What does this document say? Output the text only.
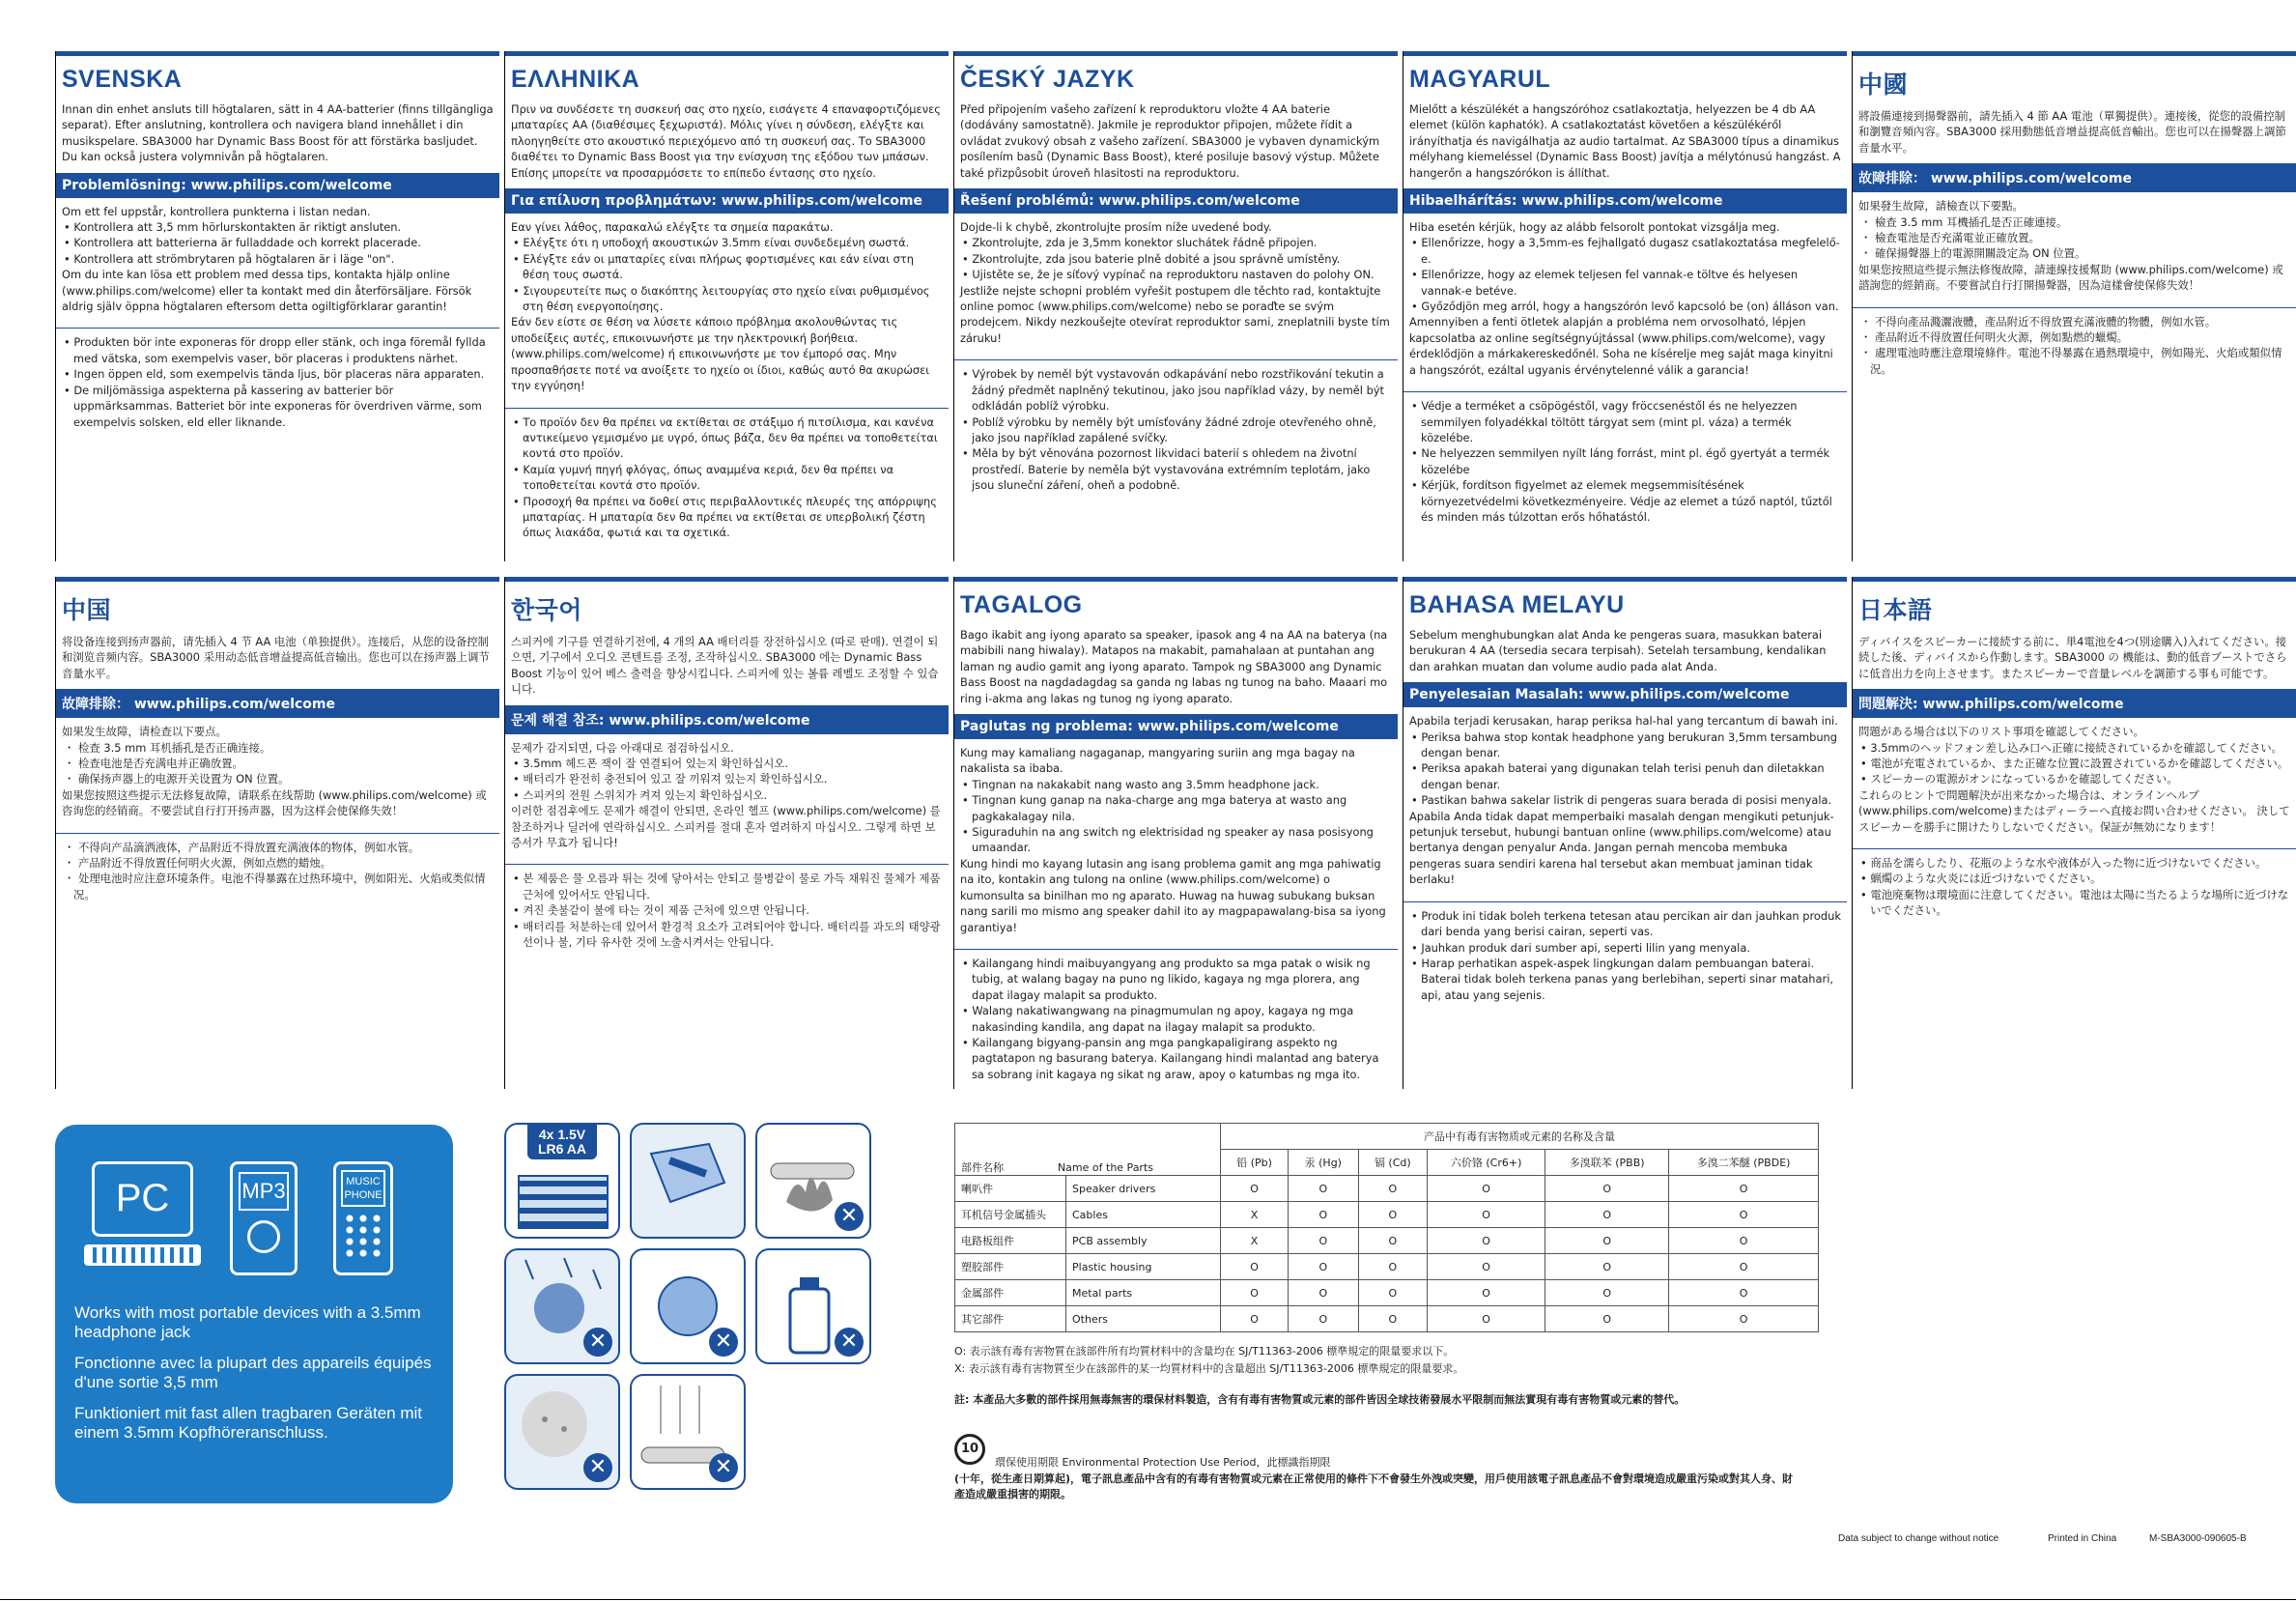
SVENSKA
Innan din enhet ansluts till högtalaren, sätt in 4 AA-batterier (finns tillgängliga separat). Efter anslutning, kontrollera och navigera bland innehållet i din musikspelare. SBA3000 har Dynamic Bass Boost för att förstärka basljudet. Du kan också justera volymnivån på högtalaren.
Problemlösning: www.philips.com/welcome
Om ett fel uppstår, kontrollera punkterna i listan nedan.
• Kontrollera att 3,5 mm hörlurskontakten är riktigt ansluten.
• Kontrollera att batterierna är fulladdade och korrekt placerade.
• Kontrollera att strömbrytaren på högtalaren är i läge "on".
Om du inte kan lösa ett problem med dessa tips, kontakta hjälp online (www.philips.com/welcome) eller ta kontakt med din återförsäljare. Försök aldrig själv öppna högtalaren eftersom detta ogiltigförklarar garantin!
• Produkten bör inte exponeras för dropp eller stänk, och inga föremål fyllda med vätska, som exempelvis vaser, bör placeras i produktens närhet.
• Ingen öppen eld, som exempelvis tända ljus, bör placeras nära apparaten.
• De miljömässiga aspekterna på kassering av batterier bör uppmärksammas. Batteriet bör inte exponeras för överdriven värme, som exempelvis solsken, eld eller liknande.
ΕΛΛΗΝΙΚΑ
Πριν να συνδέσετε τη συσκευή σας στο ηχείο, εισάγετε 4 επαναφορτιζόμενες μπαταρίες AA (διαθέσιμες ξεχωριστά). Μόλις γίνει η σύνδεση, ελέγξτε και πλοηγηθείτε στο ακουστικό περιεχόμενο από τη συσκευή σας. Το SBA3000 διαθέτει το Dynamic Bass Boost για την ενίσχυση της εξόδου των μπάσων. Επίσης μπορείτε να προσαρμόσετε το επίπεδο έντασης στο ηχείο.
Για επίλυση προβλημάτων: www.philips.com/welcome
Εαν γίνει λάθος, παρακαλώ ελέγξτε τα σημεία παρακάτω.
• Ελέγξτε ότι η υποδοχή ακουστικών 3.5mm είναι συνδεδεμένη σωστά.
• Ελέγξτε εάν οι μπαταρίες είναι πλήρως φορτισμένες και εάν είναι στη θέση τους σωστά.
• Σιγουρευτείτε πως ο διακόπτης λειτουργίας στο ηχείο είναι ρυθμισμένος στη θέση ενεργοποίησης.
Εάν δεν είστε σε θέση να λύσετε κάποιο πρόβλημα ακολουθώντας τις υποδείξεις αυτές, επικοινωνήστε με την ηλεκτρονική βοήθεια. (www.philips.com/welcome) ή επικοινωνήστε με τον έμπορό σας. Μην προσπαθήσετε ποτέ να ανοίξετε το ηχείο οι ίδιοι, καθώς αυτό θα ακυρώσει την εγγύηση!
• Το προϊόν δεν θα πρέπει να εκτίθεται σε στάξιμο ή πιτσίλισμα, και κανένα αντικείμενο γεμισμένο με υγρό, όπως βάζα, δεν θα πρέπει να τοποθετείται κοντά στο προϊόν.
• Καμία γυμνή πηγή φλόγας, όπως αναμμένα κεριά, δεν θα πρέπει να τοποθετείται κοντά στο προϊόν.
• Προσοχή θα πρέπει να δοθεί στις περιβαλλοντικές πλευρές της απόρριψης μπαταρίας. Η μπαταρία δεν θα πρέπει να εκτίθεται σε υπερβολική ζέστη όπως λιακάδα, φωτιά και τα σχετικά.
ČESKÝ JAZYK
Před připojením vašeho zařízení k reproduktoru vložte 4 AA baterie (dodávány samostatně). Jakmile je reproduktor připojen, můžete řídit a ovládat zvukový obsah z vašeho zařízení. SBA3000 je vybaven dynamickým posílením basů (Dynamic Bass Boost), které posiluje basový výstup. Můžete také přizpůsobit úroveň hlasitosti na reproduktoru.
Řešení problémů: www.philips.com/welcome
Dojde-li k chybě, zkontrolujte prosím níže uvedené body.
• Zkontrolujte, zda je 3,5mm konektor sluchátek řádně připojen.
• Zkontrolujte, zda jsou baterie plně dobité a jsou správně umístěny.
• Ujistěte se, že je síťový vypínač na reproduktoru nastaven do polohy ON.
Jestliže nejste schopni problém vyřešit postupem dle těchto rad, kontaktujte online pomoc (www.philips.com/welcome) nebo se poraďte se svým prodejcem. Nikdy nezkoušejte otevírat reproduktor sami, zneplatnili byste tím záruku!
• Výrobek by neměl být vystavován odkapávání nebo rozstřikování tekutin a žádný předmět naplněný tekutinou, jako jsou například vázy, by neměl být odkládán poblíž výrobku.
• Poblíž výrobku by neměly být umísťovány žádné zdroje otevřeného ohně, jako jsou například zapálené svíčky.
• Měla by být věnována pozornost likvidaci baterií s ohledem na životní prostředí. Baterie by neměla být vystavována extrémním teplotám, jako jsou sluneční záření, oheň a podobně.
MAGYARUL
Mielőtt a készülékét a hangszóróhoz csatlakoztatja, helyezzen be 4 db AA elemet (külön kaphatók). A csatlakoztatást követően a készülékéről irányíthatja és navigálhatja az audio tartalmat. Az SBA3000 típus a dinamikus mélyhang kiemeléssel (Dynamic Bass Boost) javítja a mélytónusú hangzást. A hangerőn a hangszórókon is állíthat.
Hibaelhárítás: www.philips.com/welcome
Hiba esetén kérjük, hogy az alább felsorolt pontokat vizsgálja meg.
• Ellenőrizze, hogy a 3,5mm-es fejhallgató dugasz csatlakoztatása megfelelő-e.
• Ellenőrizze, hogy az elemek teljesen fel vannak-e töltve és helyesen vannak-e betéve.
• Győződjön meg arról, hogy a hangszórón levő kapcsoló be (on) álláson van.
Amennyiben a fenti ötletek alapján a probléma nem orvosolható, lépjen kapcsolatba az online segítségnyújtással (www.philips.com/welcome), vagy érdeklődjön a márkakereskedőnél. Soha ne kísérelje meg saját maga kinyitni a hangszórót, ezáltal ugyanis érvénytelenné válik a garancia!
• Védje a terméket a csöpögéstől, vagy fröccsenéstől és ne helyezzen semmilyen folyadékkal töltött tárgyat sem (mint pl. váza) a termék közelébe.
• Ne helyezzen semmilyen nyílt láng forrást, mint pl. égő gyertyát a termék közelébe
• Kérjük, fordítson figyelmet az elemek megsemmisítésének környezetvédelmi következményeire. Védje az elemet a túző naptól, tűztől és minden más túlzottan erős hőhatástól.
中國
將設備連接到揚聲器前，請先插入 4 節 AA 電池（單獨提供）。連接後，從您的設備控制和瀏覽音頻內容。SBA3000 採用動態低音增益提高低音輸出。您也可以在揚聲器上調節音量水平。
故障排除： www.philips.com/welcome
如果發生故障，請檢查以下要點。
・ 檢查 3.5 mm 耳機插孔是否正確連接。
・ 檢查電池是否充滿電並正確放置。
・ 確保揚聲器上的電源開關設定為 ON 位置。
如果您按照這些提示無法修復故障，請連線技援幫助 (www.philips.com/welcome) 或諮詢您的經銷商。不要嘗試自行打開揚聲器，因為這樣會使保修失效！
・ 不得向產品濺灑液體，產品附近不得放置充滿液體的物體，例如水管。
・ 產品附近不得放置任何明火火源，例如點燃的蠟燭。
・ 處理電池時應注意環境條件。電池不得暴露在過熱環境中，例如陽光、火焰或類似情況。
中国
将设备连接到扬声器前，请先插入 4 节 AA 电池（单独提供）。连接后，从您的设备控制和浏览音频内容。SBA3000 采用动态低音增益提高低音输出。您也可以在扬声器上调节音量水平。
故障排除： www.philips.com/welcome
如果发生故障，请检查以下要点。
・ 检查 3.5 mm 耳机插孔是否正确连接。
・ 检查电池是否充满电并正确放置。
・ 确保扬声器上的电源开关设置为 ON 位置。
如果您按照这些提示无法修复故障，请联系在线帮助 (www.philips.com/welcome) 或咨询您的经销商。不要尝试自行打开扬声器，因为这样会使保修失效！
・ 不得向产品滴洒液体，产品附近不得放置充满液体的物体，例如水管。
・ 产品附近不得放置任何明火火源，例如点燃的蜡烛。
・ 处理电池时应注意环境条件。电池不得暴露在过热环境中，例如阳光、火焰或类似情况。
한국어
스피커에 기구를 연결하기전에, 4 개의 AA 배터리를 장전하십시오 (따로 판매). 연결이 되으면, 기구에서 오디오 콘텐트를 조정, 조작하십시오. SBA3000 에는 Dynamic Bass Boost 기능이 있어 베스 출력을 향상시킵니다. 스피커에 있는 볼륨 레벨도 조정할 수 있습니다.
문제 해결 참조: www.philips.com/welcome
문제가 감지되면, 다음 아래대로 점검하십시오.
• 3.5mm 헤드폰 잭이 잘 연결되어 있는지 확인하십시오.
• 배터리가 완전히 충전되어 있고 잘 끼워져 있는지 확인하십시오.
• 스피커의 전원 스위치가 켜져 있는지 확인하십시오.
이러한 점검후에도 문제가 해결이 안되면, 온라인 헬프 (www.philips.com/welcome) 를 참조하거나 딜러에 연락하십시오. 스피커를 절대 혼자 열려하지 마십시오. 그렇게 하면 보증서가 무효가 됩니다!
• 본 제품은 물 오름과 튀는 것에 닿아서는 안되고 물병같이 물로 가득 채워진 물체가 제품 근처에 있어서도 안됩니다.
• 켜진 촛불같이 불에 타는 것이 제품 근처에 있으면 안됩니다.
• 배터리를 처분하는데 있어서 환경적 요소가 고려되어야 합니다. 배터리를 과도의 태양광선이나 불, 기타 유사한 것에 노출시켜서는 안됩니다.
TAGALOG
Bago ikabit ang iyong aparato sa speaker, ipasok ang 4 na AA na baterya (na mabibili nang hiwalay). Matapos na makabit, pamahalaan at puntahan ang laman ng audio gamit ang iyong aparato. Tampok ng SBA3000 ang Dynamic Bass Boost na nagdadagdag sa ganda ng labas ng tunog na baho. Maaari mo ring i-akma ang lakas ng tunog ng iyong aparato.
Paglutas ng problema: www.philips.com/welcome
Kung may kamaliang nagaganap, mangyaring suriin ang mga bagay na nakalista sa ibaba.
• Tingnan na nakakabit nang wasto ang 3.5mm headphone jack.
• Tingnan kung ganap na naka-charge ang mga baterya at wasto ang pagkakalagay nila.
• Siguraduhin na ang switch ng elektrisidad ng speaker ay nasa posisyong umaandar.
Kung hindi mo kayang lutasin ang isang problema gamit ang mga pahiwatig na ito, kontakin ang tulong na online (www.philips.com/welcome) o kumonsulta sa binilhan mo ng aparato. Huwag na huwag subukang buksan nang sarili mo mismo ang speaker dahil ito ay magpapawalang-bisa sa iyong garantiya!
• Kailangang hindi maibuyangyang ang produkto sa mga patak o wisik ng tubig, at walang bagay na puno ng likido, kagaya ng mga plorera, ang dapat ilagay malapit sa produkto.
• Walang nakatiwangwang na pinagmumulan ng apoy, kagaya ng mga nakasinding kandila, ang dapat na ilagay malapit sa produkto.
• Kailangang bigyang-pansin ang mga pangkapaligirang aspekto ng pagtatapon ng basurang baterya. Kailangang hindi malantad ang baterya sa sobrang init kagaya ng sikat ng araw, apoy o katumbas ng mga ito.
BAHASA MELAYU
Sebelum menghubungkan alat Anda ke pengeras suara, masukkan baterai berukuran 4 AA (tersedia secara terpisah). Setelah tersambung, kendalikan dan arahkan muatan dan volume audio pada alat Anda.
Penyelesaian Masalah: www.philips.com/welcome
Apabila terjadi kerusakan, harap periksa hal-hal yang tercantum di bawah ini.
• Periksa bahwa stop kontak headphone yang berukuran 3,5mm tersambung dengan benar.
• Periksa apakah baterai yang digunakan telah terisi penuh dan diletakkan dengan benar.
• Pastikan bahwa sakelar listrik di pengeras suara berada di posisi menyala.
Apabila Anda tidak dapat memperbaiki masalah dengan mengikuti petunjuk-petunjuk tersebut, hubungi bantuan online (www.philips.com/welcome) atau bertanya dengan penyalur Anda. Jangan pernah mencoba membuka pengeras suara sendiri karena hal tersebut akan membuat jaminan tidak berlaku!
• Produk ini tidak boleh terkena tetesan atau percikan air dan jauhkan produk dari benda yang berisi cairan, seperti vas.
• Jauhkan produk dari sumber api, seperti lilin yang menyala.
• Harap perhatikan aspek-aspek lingkungan dalam pembuangan baterai. Baterai tidak boleh terkena panas yang berlebihan, seperti sinar matahari, api, atau yang sejenis.
日本語
ディバイスをスピーカーに接続する前に、単4電池を4つ(別途購入)入れてください。接続した後、ディバイスから作動します。SBA3000 の 機能は、動的低音ブーストでさらに低音出力を向上させます。またスピーカーで音量レベルを調節する事も可能です。
問題解決: www.philips.com/welcome
問題がある場合は以下のリスト事項を確認してください。
• 3.5mmのヘッドフォン差し込み口へ正確に接続されているかを確認してください。
• 電池が充電されているか、また正確な位置に設置されているかを確認してください。
• スピーカーの電源がオンになっているかを確認してください。
これらのヒントで問題解決が出来なかった場合は、オンラインヘルプ(www.philips.com/welcome)またはディーラーへ直接お問い合わせください。 決してスピーカーを勝手に開けたりしないでください。保証が無効になります！
• 商品を濡らしたり、花瓶のような水や液体が入った物に近づけないでください。
• 蝋燭のような火炎には近づけないでください。
• 電池廃棄物は環境面に注意してください。電池は太陽に当たるような場所に近づけないでください。
PC	MP3	MUSIC
PHONE
Works with most portable devices with a 3.5mm headphone jack
Fonctionne avec la plupart des appareils équipés d'une sortie 3,5 mm
Funktioniert mit fast allen tragbaren Geräten mit einem 3.5mm Kopfhöreranschluss.
4x 1.5V
LR6 AA
✕
✕	✕	✕
✕	✕
部件名称 Name of the Parts		产品中有毒有害物质或元素的名称及含量					
		铅 (Pb)	汞 (Hg)	镉 (Cd)	六价铬 (Cr6+)	多溴联苯 (PBB)	多溴二苯醚 (PBDE)
喇叭件	Speaker drivers	O	O	O	O	O	O
耳机信号金属插头	Cables	X	O	O	O	O	O
电路板组件	PCB assembly	X	O	O	O	O	O
塑胶部件	Plastic housing	O	O	O	O	O	O
金属部件	Metal parts	O	O	O	O	O	O
其它部件	Others	O	O	O	O	O	O
O: 表示該有毒有害物質在該部件所有均質材料中的含量均在 SJ/T11363-2006 標準規定的限量要求以下。
X: 表示該有毒有害物質至少在該部件的某一均質材料中的含量超出 SJ/T11363-2006 標準規定的限量要求。
註: 本產品大多數的部件採用無毒無害的環保材料製造，含有有毒有害物質或元素的部件皆因全球技術發展水平限制而無法實現有毒有害物質或元素的替代。
10
環保使用期限 Environmental Protection Use Period，此標識指期限
(十年，從生產日期算起)，電子訊息產品中含有的有毒有害物質或元素在正常使用的條件下不會發生外洩或突變，用戶使用該電子訊息產品不會對環境造成嚴重污染或對其人身、財
產造成嚴重損害的期限。
Data subject to change without notice	Printed in China	M-SBA3000-090605-B
